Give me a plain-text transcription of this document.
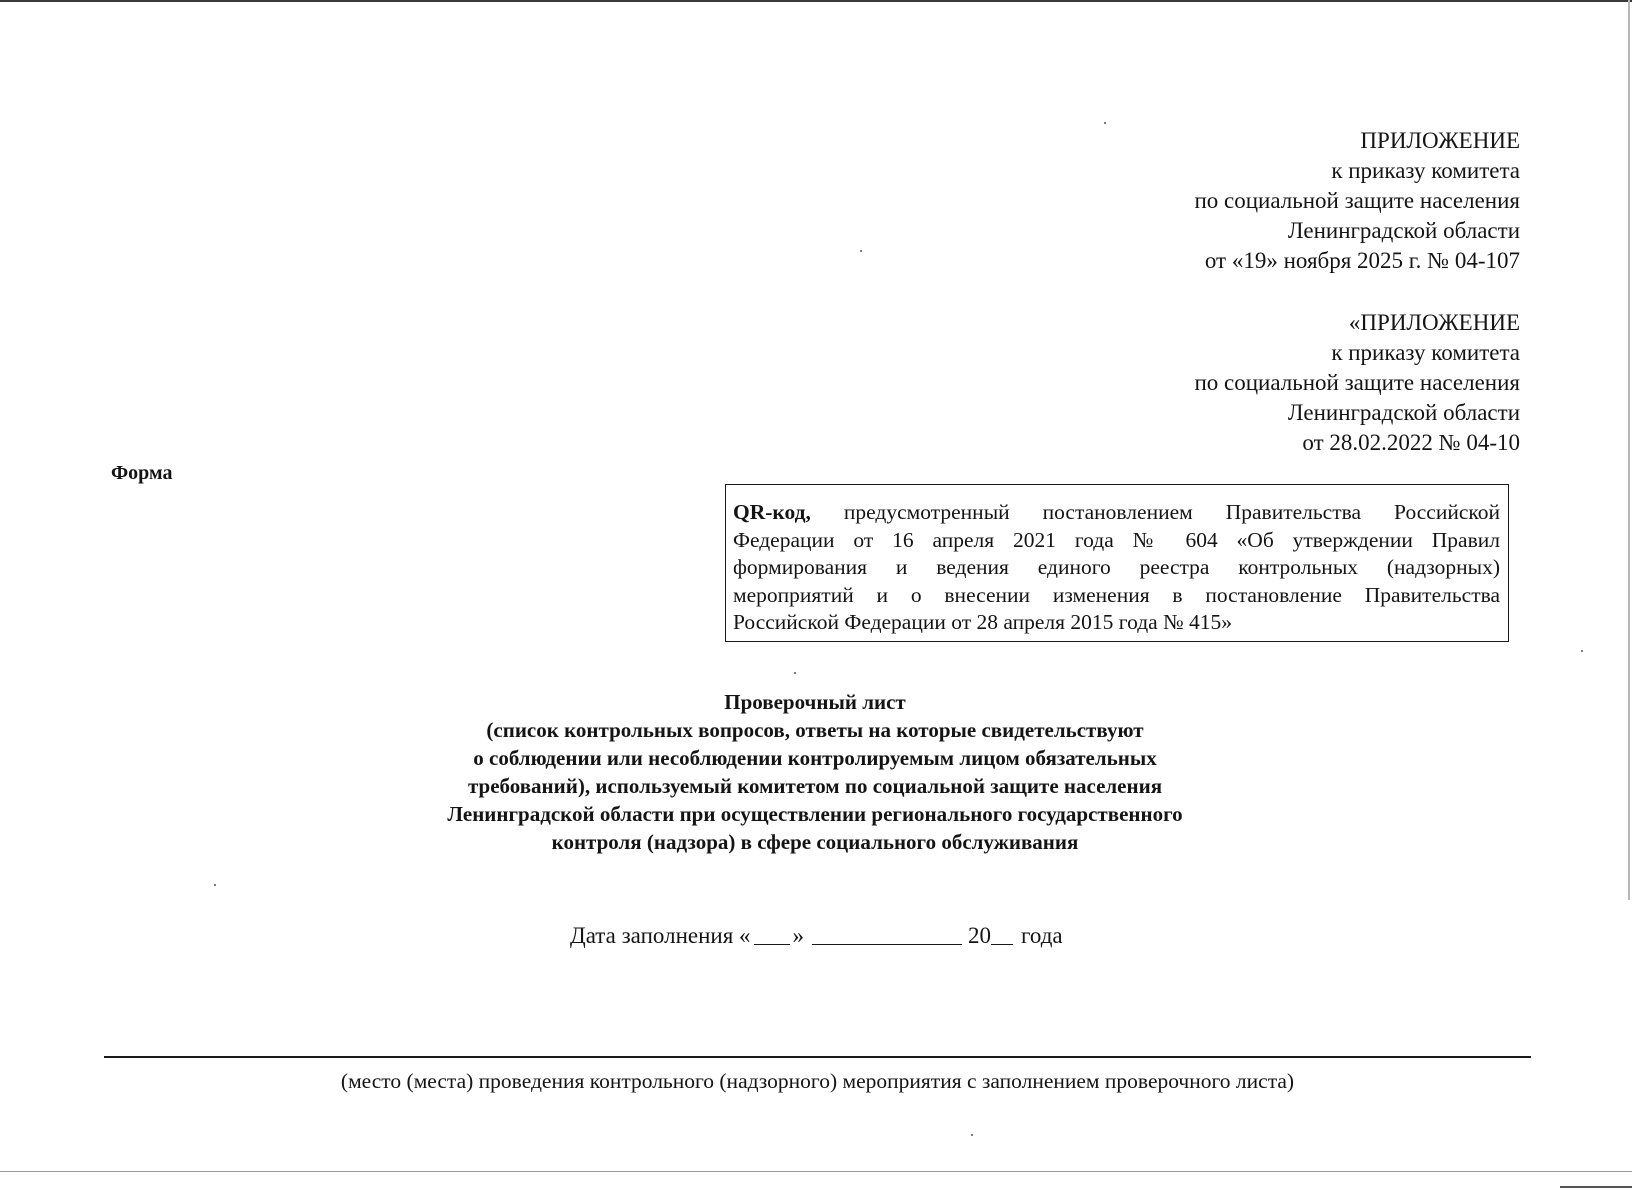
ПРИЛОЖЕНИЕ
к приказу комитета
по социальной защите населения
Ленинградской области
от «19» ноября 2025 г. № 04-107
«ПРИЛОЖЕНИЕ
к приказу комитета
по социальной защите населения
Ленинградской области
от 28.02.2022 № 04-10
Форма
QR-код, предусмотренный постановлением Правительства Российской
Федерации от 16 апреля 2021 года № 604 «Об утверждении Правил
формирования и ведения единого реестра контрольных (надзорных)
мероприятий и о внесении изменения в постановление Правительства
Российской Федерации от 28 апреля 2015 года № 415»
Проверочный лист
(список контрольных вопросов, ответы на которые свидетельствуют
о соблюдении или несоблюдении контролируемым лицом обязательных
требований), используемый комитетом по социальной защите населения
Ленинградской области при осуществлении регионального государственного
контроля (надзора) в сфере социального обслуживания
Дата заполнения « »	20 года
(место (места) проведения контрольного (надзорного) мероприятия с заполнением проверочного листа)
